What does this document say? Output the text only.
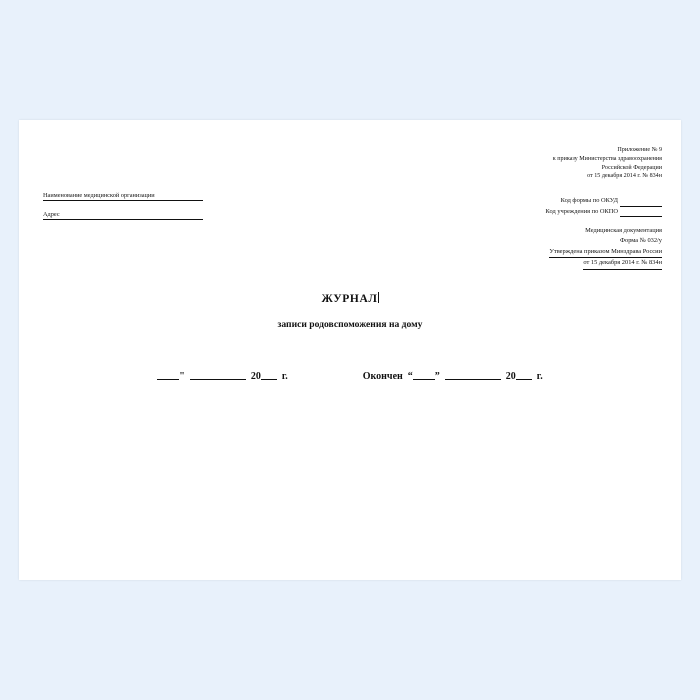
Приложение № 9
к приказу Министерства здравоохранения
Российской Федерации
от 15 декабря 2014 г. № 834н
Код формы по ОКУД
Код учреждения по ОКПО
Медицинская документация
Форма № 032/у
Утверждена приказом Минздрава России
от 15 декабря 2014 г. № 834н
Наименование медицинской организации
Адрес
ЖУРНАЛ
записи родовспоможения на дому
"	20 г.	Окончен “ ”	20 г.
